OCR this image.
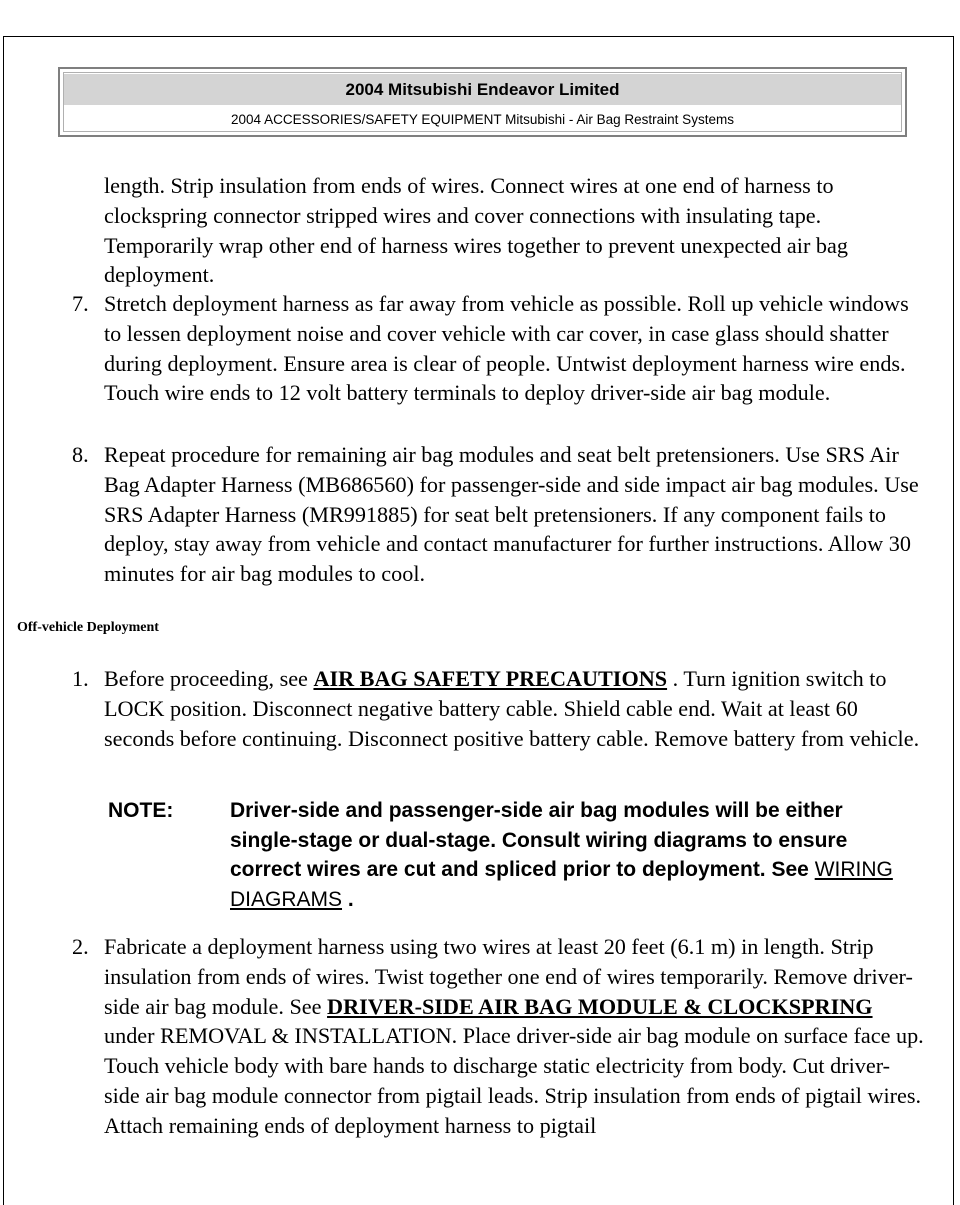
2004 Mitsubishi Endeavor Limited
2004 ACCESSORIES/SAFETY EQUIPMENT Mitsubishi - Air Bag Restraint Systems
length. Strip insulation from ends of wires. Connect wires at one end of harness to clockspring connector stripped wires and cover connections with insulating tape. Temporarily wrap other end of harness wires together to prevent unexpected air bag deployment.
7. Stretch deployment harness as far away from vehicle as possible. Roll up vehicle windows to lessen deployment noise and cover vehicle with car cover, in case glass should shatter during deployment. Ensure area is clear of people. Untwist deployment harness wire ends. Touch wire ends to 12 volt battery terminals to deploy driver-side air bag module.
8. Repeat procedure for remaining air bag modules and seat belt pretensioners. Use SRS Air Bag Adapter Harness (MB686560) for passenger-side and side impact air bag modules. Use SRS Adapter Harness (MR991885) for seat belt pretensioners. If any component fails to deploy, stay away from vehicle and contact manufacturer for further instructions. Allow 30 minutes for air bag modules to cool.
Off-vehicle Deployment
1. Before proceeding, see AIR BAG SAFETY PRECAUTIONS . Turn ignition switch to LOCK position. Disconnect negative battery cable. Shield cable end. Wait at least 60 seconds before continuing. Disconnect positive battery cable. Remove battery from vehicle.
NOTE:	Driver-side and passenger-side air bag modules will be either single-stage or dual-stage. Consult wiring diagrams to ensure correct wires are cut and spliced prior to deployment. See WIRING DIAGRAMS .
2. Fabricate a deployment harness using two wires at least 20 feet (6.1 m) in length. Strip insulation from ends of wires. Twist together one end of wires temporarily. Remove driver-side air bag module. See DRIVER-SIDE AIR BAG MODULE & CLOCKSPRING under REMOVAL & INSTALLATION. Place driver-side air bag module on surface face up. Touch vehicle body with bare hands to discharge static electricity from body. Cut driver-side air bag module connector from pigtail leads. Strip insulation from ends of pigtail wires. Attach remaining ends of deployment harness to pigtail
